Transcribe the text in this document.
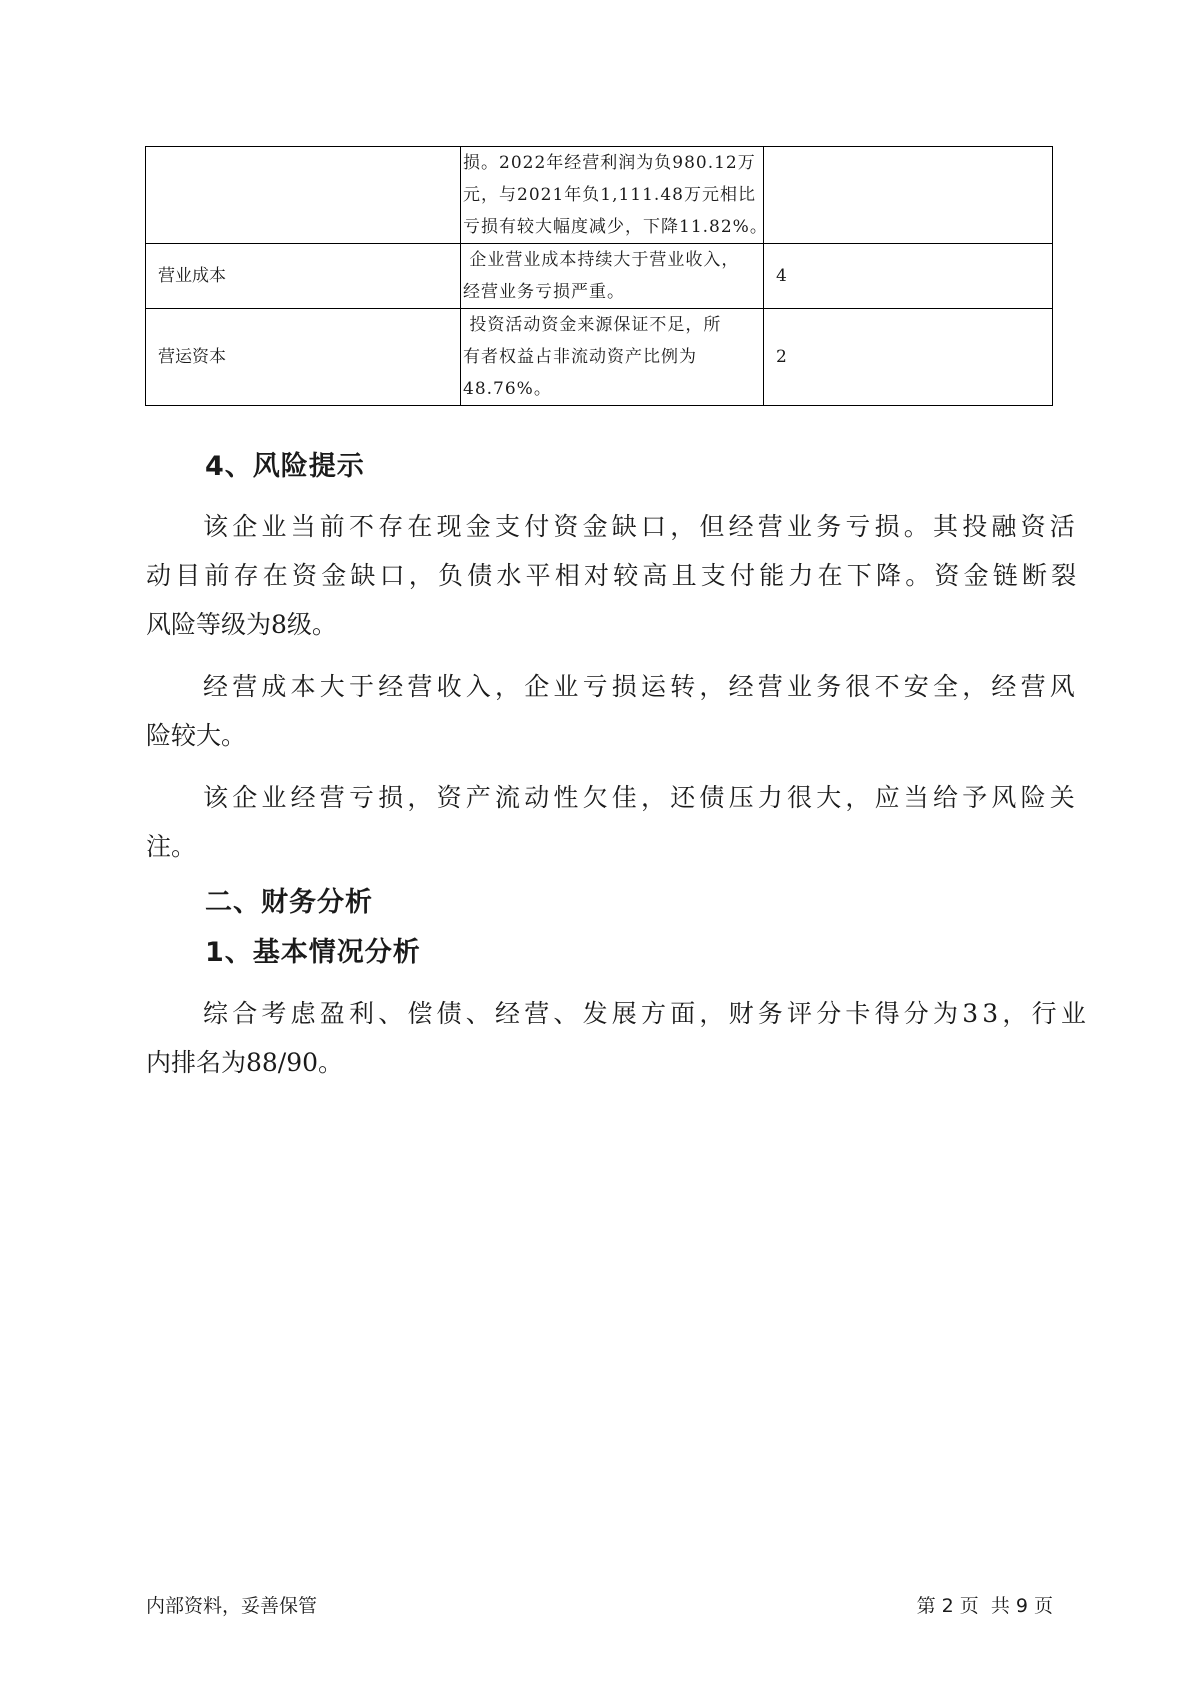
	损。2022年经营利润为负980.12万
元，与2021年负1,111.48万元相比
亏损有较大幅度减少，下降11.82%。	

营业成本	企业营业成本持续大于营业收入，
经营业务亏损严重。	4
营运资本	投资活动资金来源保证不足，所
有者权益占非流动资产比例为
48.76%。	2
4、风险提示
该企业当前不存在现金支付资金缺口，但经营业务亏损。其投融资活
动目前存在资金缺口，负债水平相对较高且支付能力在下降。资金链断裂
风险等级为8级。
经营成本大于经营收入，企业亏损运转，经营业务很不安全，经营风
险较大。
该企业经营亏损，资产流动性欠佳，还债压力很大，应当给予风险关
注。
二、财务分析
1、基本情况分析
综合考虑盈利、偿债、经营、发展方面，财务评分卡得分为33，行业
内排名为88/90。
内部资料，妥善保管	第 2 页  共 9 页
